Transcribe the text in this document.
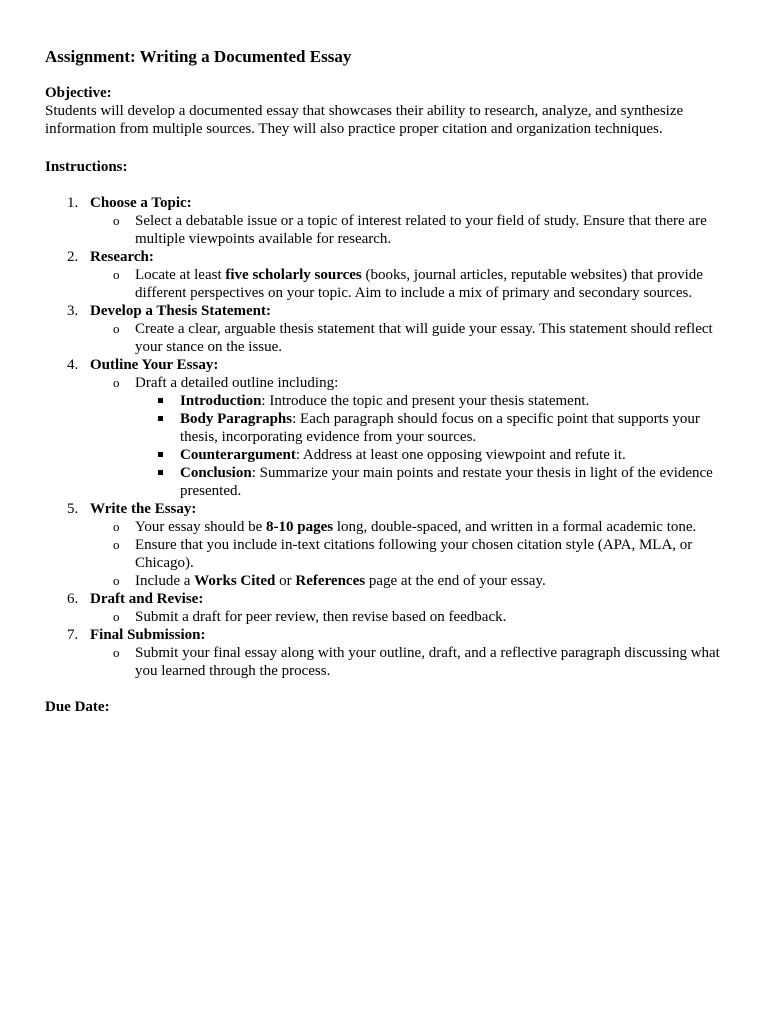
Assignment: Writing a Documented Essay
Objective:
Students will develop a documented essay that showcases their ability to research, analyze, and synthesize information from multiple sources. They will also practice proper citation and organization techniques.
Instructions:
1. Choose a Topic:
o Select a debatable issue or a topic of interest related to your field of study. Ensure that there are multiple viewpoints available for research.
2. Research:
o Locate at least five scholarly sources (books, journal articles, reputable websites) that provide different perspectives on your topic. Aim to include a mix of primary and secondary sources.
3. Develop a Thesis Statement:
o Create a clear, arguable thesis statement that will guide your essay. This statement should reflect your stance on the issue.
4. Outline Your Essay:
o Draft a detailed outline including:
Introduction: Introduce the topic and present your thesis statement.
Body Paragraphs: Each paragraph should focus on a specific point that supports your thesis, incorporating evidence from your sources.
Counterargument: Address at least one opposing viewpoint and refute it.
Conclusion: Summarize your main points and restate your thesis in light of the evidence presented.
5. Write the Essay:
o Your essay should be 8-10 pages long, double-spaced, and written in a formal academic tone.
o Ensure that you include in-text citations following your chosen citation style (APA, MLA, or Chicago).
o Include a Works Cited or References page at the end of your essay.
6. Draft and Revise:
o Submit a draft for peer review, then revise based on feedback.
7. Final Submission:
o Submit your final essay along with your outline, draft, and a reflective paragraph discussing what you learned through the process.
Due Date:
